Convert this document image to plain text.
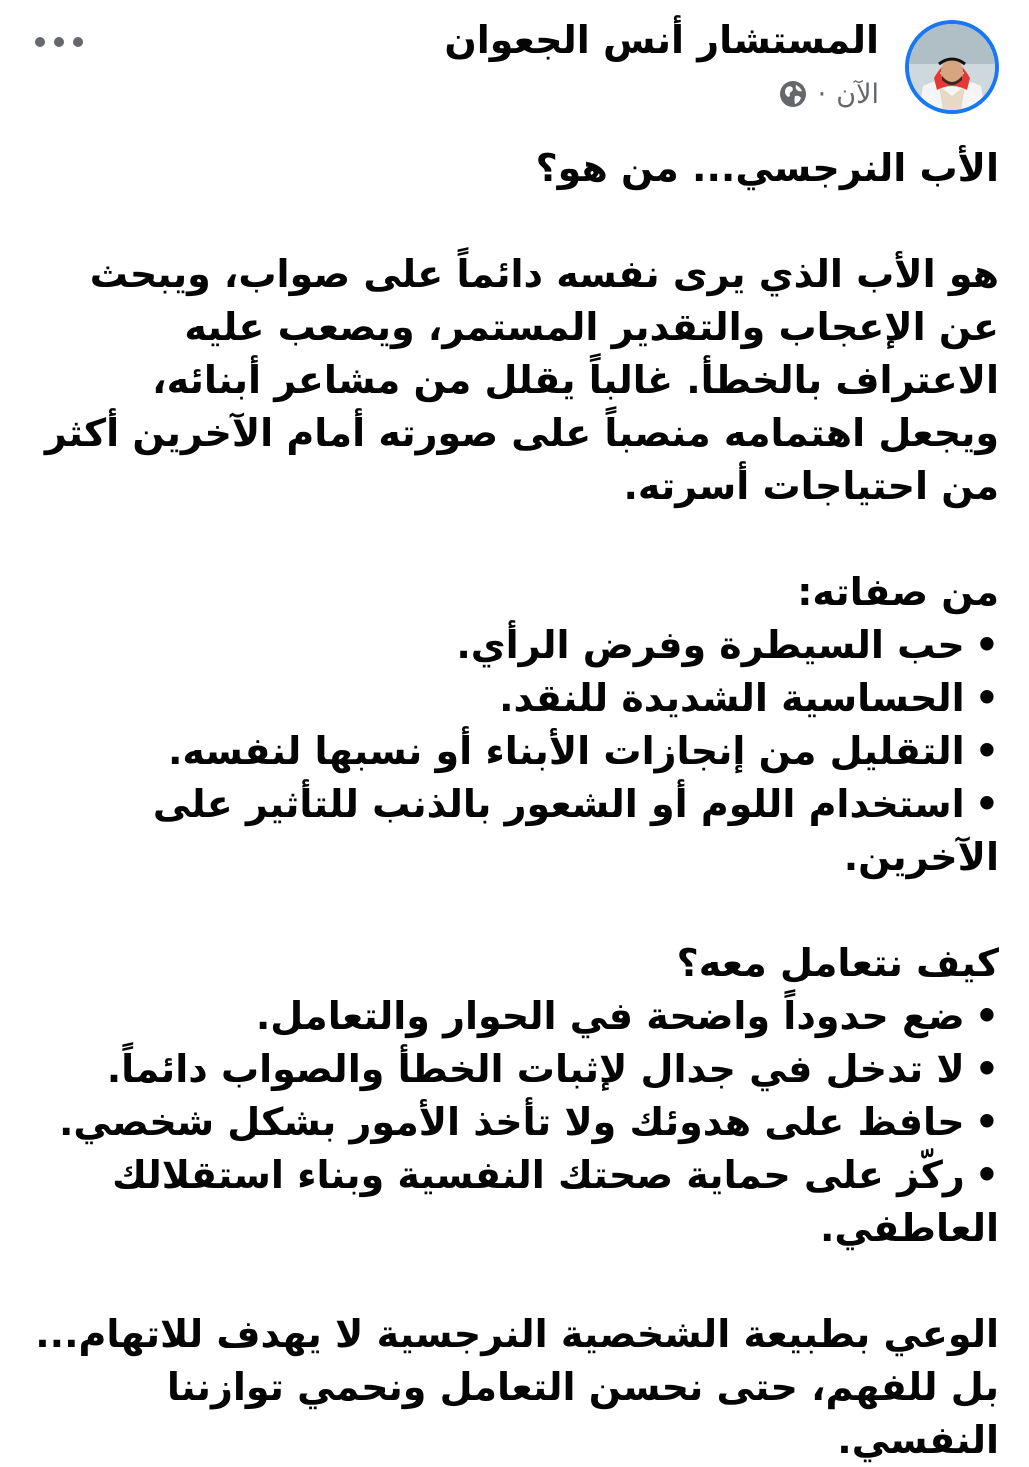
المستشار أنس الجعوان
الآن
·

الأب النرجسي... من هو؟

هو الأب الذي يرى نفسه دائماً على صواب، ويبحث عن الإعجاب والتقدير المستمر، ويصعب عليه الاعتراف بالخطأ. غالباً يقلل من مشاعر أبنائه، ويجعل اهتمامه منصباً على صورته أمام الآخرين أكثر من احتياجات أسرته.

من صفاته:

•حب السيطرة وفرض الرأي.
•الحساسية الشديدة للنقد.
•التقليل من إنجازات الأبناء أو نسبها لنفسه.
•استخدام اللوم أو الشعور بالذنب للتأثير على الآخرين.

كيف نتعامل معه؟

•ضع حدوداً واضحة في الحوار والتعامل.
•لا تدخل في جدال لإثبات الخطأ والصواب دائماً.
•حافظ على هدوئك ولا تأخذ الأمور بشكل شخصي.
•ركّز على حماية صحتك النفسية وبناء استقلالك العاطفي.

الوعي بطبيعة الشخصية النرجسية لا يهدف للاتهام... بل للفهم، حتى نحسن التعامل ونحمي توازننا النفسي.
